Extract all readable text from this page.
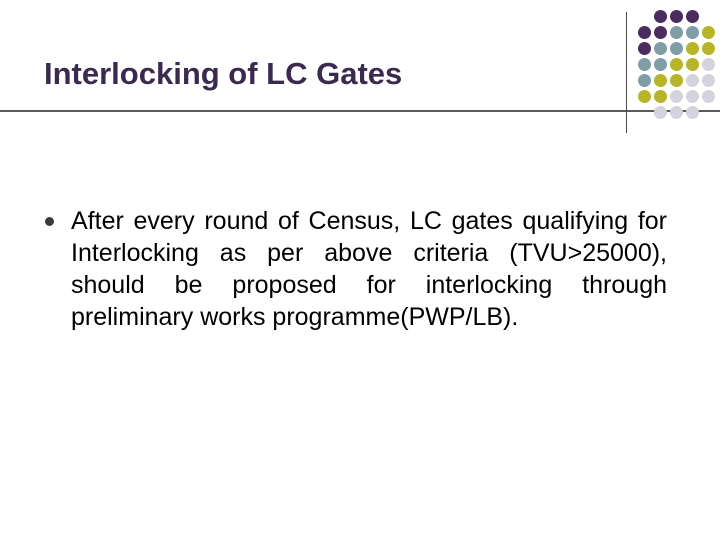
Interlocking of LC Gates
After every round of Census, LC gates qualifying for Interlocking as per above criteria (TVU>25000), should be proposed for interlocking through preliminary works programme(PWP/LB).
